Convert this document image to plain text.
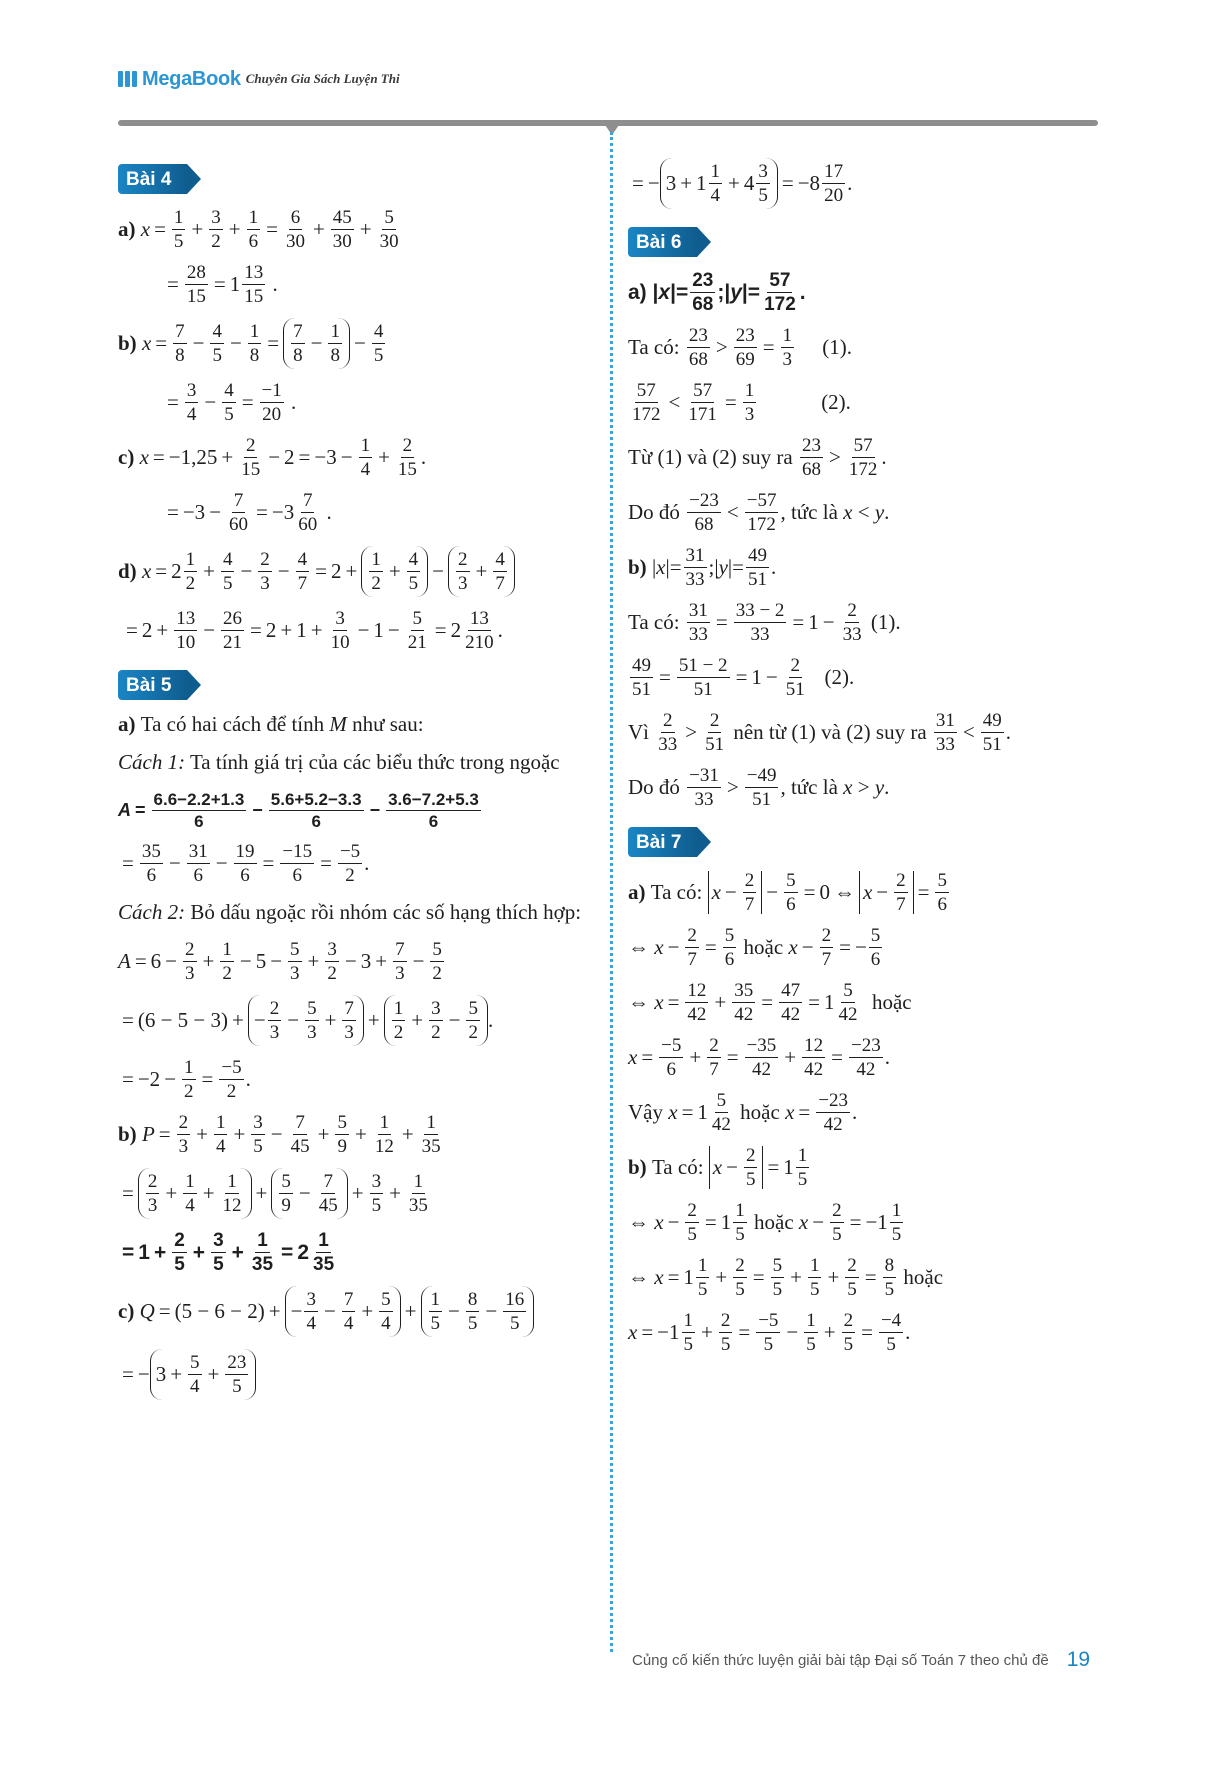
MegaBook Chuyên Gia Sách Luyện Thi
Bài 4
a)
$x = \frac{1}{5} + \frac{3}{2} + \frac{1}{6} = \frac{6}{30} + \frac{45}{30} + \frac{5}{30}$
= $\frac{28}{15} = 1 \frac{13}{15}$ .
b)
$x = \frac{7}{8} - \frac{4}{5} - \frac{1}{8} = \frac{7}{8} - \frac{1}{8} - \frac{4}{5}$
= $\frac{3}{4} - \frac{4}{5} = \frac{-1}{20}$ .
c)
$x = -1,25 + \frac{2}{15} - 2 = -3 - \frac{1}{4} + \frac{2}{15}$ .
= $-3 - \frac{7}{60} = -3 \frac{7}{60}$ .
d)
$x = 2 \frac{1}{2} + \frac{4}{5} - \frac{2}{3} - \frac{4}{7} = 2 + \frac{1}{2} + \frac{4}{5} - \frac{2}{3} + \frac{4}{7}$
= $2 + \frac{13}{10} - \frac{26}{21} = 2 + 1 + \frac{3}{10} - 1 - \frac{5}{21} = 2 \frac{13}{210}$ .
Bài 5
a) Ta có hai cách để tính M như sau:
Cách 1: Ta tính giá trị của các biểu thức trong ngoặc
$A = \frac{6.6-2.2+1.3}{6} - \frac{5.6+5.2-3.3}{6} - \frac{3.6-7.2+5.3}{6}$
= $\frac{35}{6} - \frac{31}{6} - \frac{19}{6} = \frac{-15}{6} = \frac{-5}{2}$ .
Cách 2: Bỏ dấu ngoặc rồi nhóm các số hạng thích hợp:
$A = 6 - \frac{2}{3} + \frac{1}{2} - 5 - \frac{5}{3} + \frac{3}{2} - 3 + \frac{7}{3} - \frac{5}{2}$
= (6 − 5 − 3) + − $\frac{2}{3} - \frac{5}{3} + \frac{7}{3} + \frac{1}{2} + \frac{3}{2} - \frac{5}{2}$ .
= $-2 - \frac{1}{2} = \frac{-5}{2}$ .
b)
$P = \frac{2}{3} + \frac{1}{4} + \frac{3}{5} - \frac{7}{45} + \frac{5}{9} + \frac{1}{12} + \frac{1}{35}$
= $\frac{2}{3} + \frac{1}{4} + \frac{1}{12} + \frac{5}{9} - \frac{7}{45} + \frac{3}{5} + \frac{1}{35}$
= $1 + \frac{2}{5} + \frac{3}{5} + \frac{1}{35} = 2 \frac{1}{35}$
c)
Q = (5 − 6 − 2) + − $\frac{3}{4} - \frac{7}{4} + \frac{5}{4} + \frac{1}{5} - \frac{8}{5} - \frac{16}{5}$
= − $3 + \frac{5}{4} + \frac{23}{5}$
= − $3 + 1 \frac{1}{4} + 4 \frac{3}{5} = -8 \frac{17}{20}$ .
Bài 6
a) | x |= $\frac{23}{68}$ ;| y |= $\frac{57}{172}$ .
Ta có: $\frac{23}{68} > \frac{23}{69} = \frac{1}{3} (1)$.
$\frac{57}{172} < \frac{57}{171} = \frac{1}{3} (2)$.
Từ (1) và (2) suy ra $\frac{23}{68} > \frac{57}{172}$ .
Do đó $\frac{-23}{68} < \frac{-57}{172}$ , tức là x < y .
b) | x |= $\frac{31}{33}$ ;| y |= $\frac{49}{51}$ .
Ta có: $\frac{31}{33} = \frac{33 - 2}{33} = 1 - \frac{2}{33} (1)$.
$\frac{49}{51} = \frac{51 - 2}{51} = 1 - \frac{2}{51} (2)$.
Vì $\frac{2}{33} > \frac{2}{51}$ nên từ (1) và (2) suy ra $\frac{31}{33} < \frac{49}{51}$ .
Do đó $\frac{-31}{33} > \frac{-49}{51}$ , tức là x > y .
Bài 7
a) Ta có: $x - \frac{2}{7} - \frac{5}{6} = 0$ ⇔ $x - \frac{2}{7} = \frac{5}{6}$
⇔ $x - \frac{2}{7} = \frac{5}{6}$ hoặc $x - \frac{2}{7}$ = − $\frac{5}{6}$
⇔ $x = \frac{12}{42} + \frac{35}{42} = \frac{47}{42} = 1 \frac{5}{42}$ hoặc
$x = \frac{-5}{6} + \frac{2}{7} = \frac{-35}{42} + \frac{12}{42} = \frac{-23}{42}$ .
Vậy $x = 1 \frac{5}{42}$ hoặc $x = \frac{-23}{42}$ .
b) Ta có: $x - \frac{2}{5} = 1 \frac{1}{5}$
⇔ $x - \frac{2}{5} = 1 \frac{1}{5}$ hoặc $x - \frac{2}{5} = -1 \frac{1}{5}$
⇔ $x = 1 \frac{1}{5} + \frac{2}{5} = \frac{5}{5} + \frac{1}{5} + \frac{2}{5} = \frac{8}{5}$ hoặc
$x = -1 \frac{1}{5} + \frac{2}{5} = \frac{-5}{5} - \frac{1}{5} + \frac{2}{5} = \frac{-4}{5}$ .
Củng cố kiến thức luyện giải bài tập Đại số Toán 7 theo chủ đề 19
